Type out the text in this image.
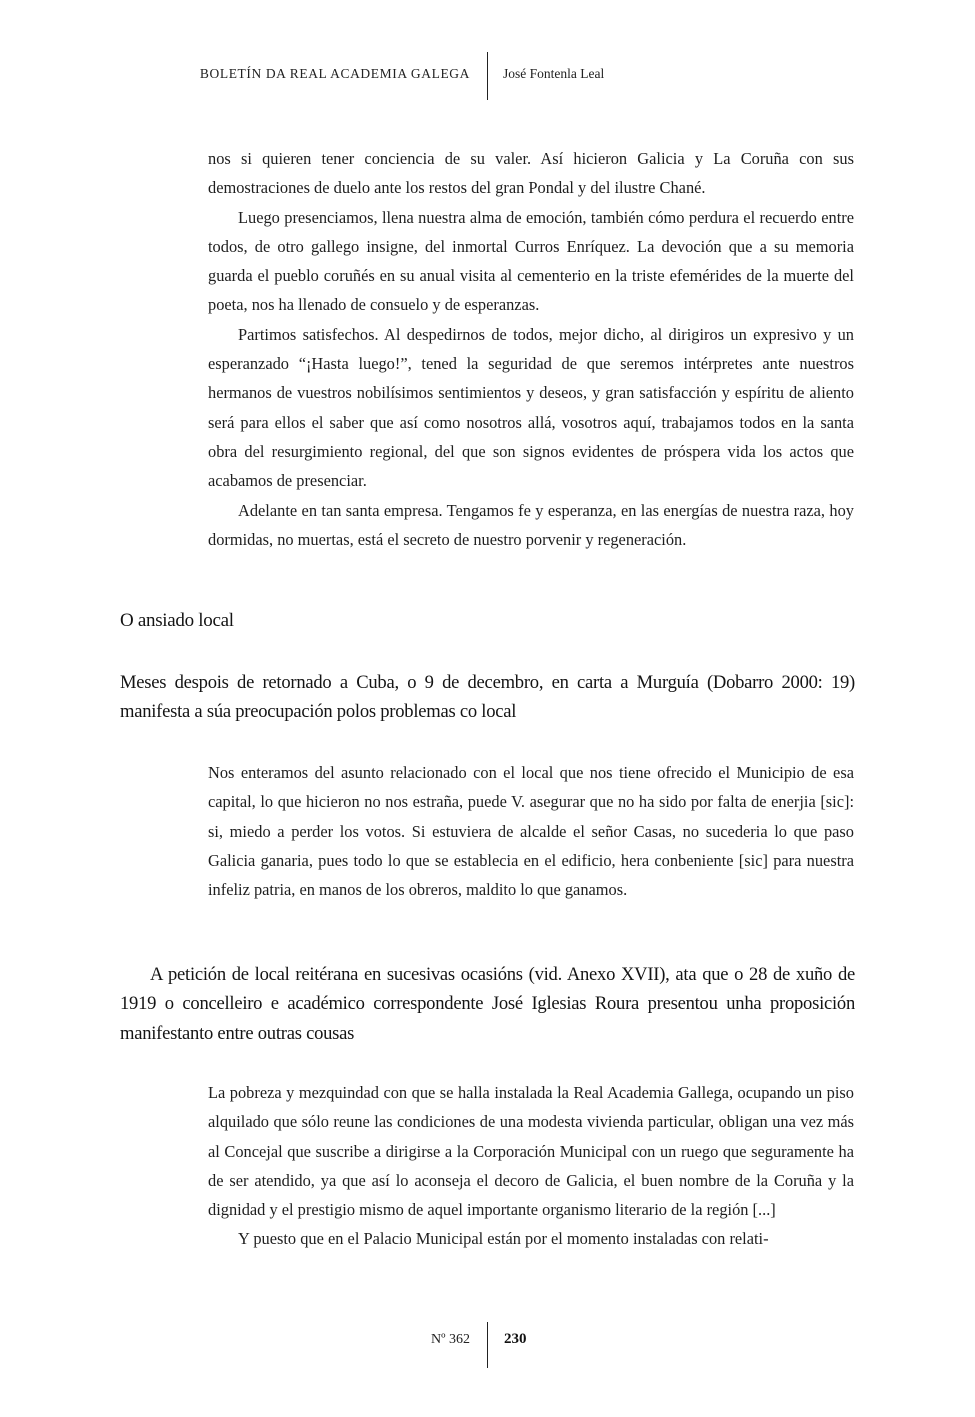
BOLETÍN DA REAL ACADEMIA GALEGA José Fontenla Leal

nos si quieren tener conciencia de su valer. Así hicieron Galicia y La Coruña con sus demostraciones de duelo ante los restos del gran Pondal y del ilustre Chané.

Luego presenciamos, llena nuestra alma de emoción, también cómo perdura el recuerdo entre todos, de otro gallego insigne, del inmortal Curros Enríquez. La devoción que a su memoria guarda el pueblo coruñés en su anual visita al cementerio en la triste efemérides de la muerte del poeta, nos ha llenado de consuelo y de esperanzas.

Partimos satisfechos. Al despedirnos de todos, mejor dicho, al dirigiros un expresivo y un esperanzado “¡Hasta luego!”, tened la seguridad de que seremos intérpretes ante nuestros hermanos de vuestros nobilísimos sentimientos y deseos, y gran satisfacción y espíritu de aliento será para ellos el saber que así como nosotros allá, vosotros aquí, trabajamos todos en la santa obra del resurgimiento regional, del que son signos evidentes de próspera vida los actos que acabamos de presenciar.

Adelante en tan santa empresa. Tengamos fe y esperanza, en las energías de nuestra raza, hoy dormidas, no muertas, está el secreto de nuestro porvenir y regeneración.

O ansiado local

Meses despois de retornado a Cuba, o 9 de decembro, en carta a Murguía (Dobarro 2000: 19) manifesta a súa preocupación polos problemas co local

Nos enteramos del asunto relacionado con el local que nos tiene ofrecido el Municipio de esa capital, lo que hicieron no nos estraña, puede V. asegurar que no ha sido por falta de enerjia [sic]: si, miedo a perder los votos. Si estuviera de alcalde el señor Casas, no sucederia lo que paso Galicia ganaria, pues todo lo que se establecia en el edificio, hera conbeniente [sic] para nuestra infeliz patria, en manos de los obreros, maldito lo que ganamos.

A petición de local reitérana en sucesivas ocasións (vid. Anexo XVII), ata que o 28 de xuño de 1919 o concelleiro e académico correspondente José Iglesias Roura presentou unha proposición manifestanto entre outras cousas

La pobreza y mezquindad con que se halla instalada la Real Academia Gallega, ocupando un piso alquilado que sólo reune las condiciones de una modesta vivienda particular, obligan una vez más al Concejal que suscribe a dirigirse a la Corporación Municipal con un ruego que seguramente ha de ser atendido, ya que así lo aconseja el decoro de Galicia, el buen nombre de la Coruña y la dignidad y el prestigio mismo de aquel importante organismo literario de la región [...]

Y puesto que en el Palacio Municipal están por el momento instaladas con relati-

Nº 362 230
